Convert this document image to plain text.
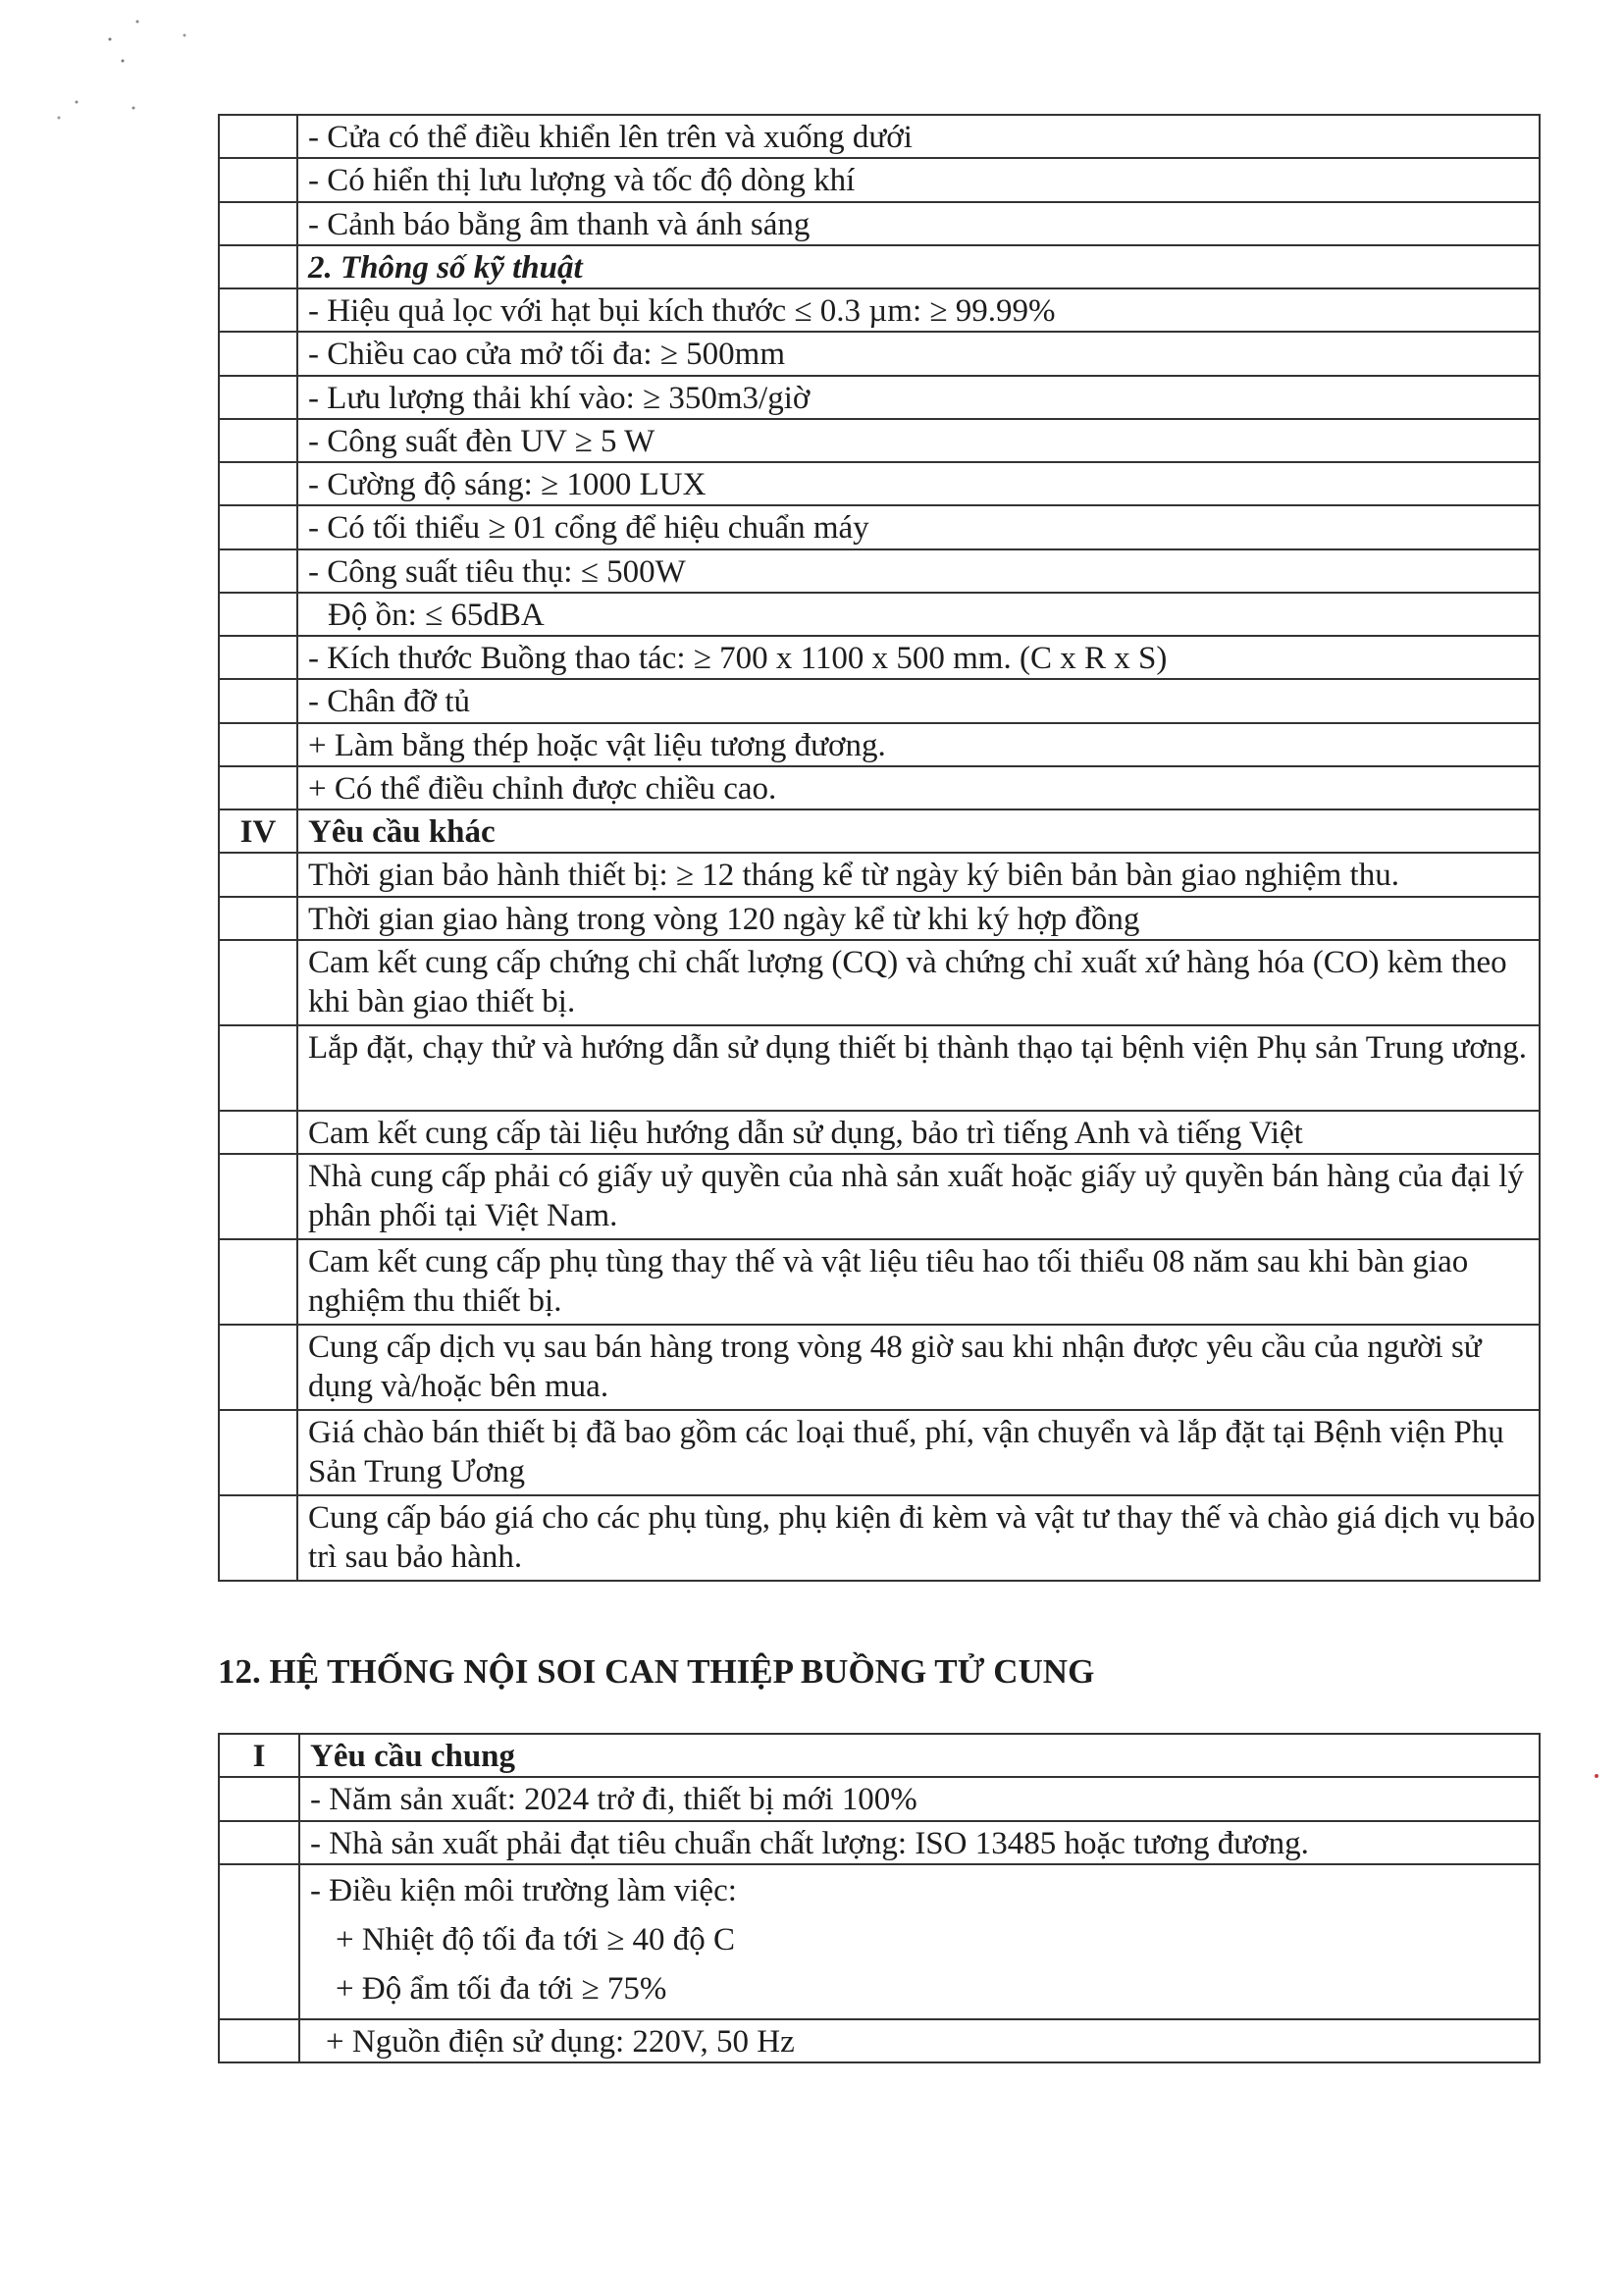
	- Cửa có thể điều khiển lên trên và xuống dưới
	- Có hiển thị lưu lượng và tốc độ dòng khí
	- Cảnh báo bằng âm thanh và ánh sáng
	2. Thông số kỹ thuật
	- Hiệu quả lọc với hạt bụi kích thước ≤ 0.3 µm: ≥ 99.99%
	- Chiều cao cửa mở tối đa: ≥ 500mm
	- Lưu lượng thải khí vào: ≥ 350m3/giờ
	- Công suất đèn UV ≥ 5 W
	- Cường độ sáng: ≥ 1000 LUX
	- Có tối thiểu ≥ 01 cổng để hiệu chuẩn máy
	- Công suất tiêu thụ: ≤ 500W
	Độ ồn: ≤ 65dBA
	- Kích thước Buồng thao tác: ≥ 700 x 1100 x 500 mm. (C x R x S)
	- Chân đỡ tủ
	+ Làm bằng thép hoặc vật liệu tương đương.
	+ Có thể điều chỉnh được chiều cao.
IV	Yêu cầu khác
	Thời gian bảo hành thiết bị: ≥ 12 tháng kể từ ngày ký biên bản bàn giao nghiệm thu.
	Thời gian giao hàng trong vòng 120 ngày kể từ khi ký hợp đồng
	Cam kết cung cấp chứng chỉ chất lượng (CQ) và chứng chỉ xuất xứ hàng hóa (CO) kèm theo khi bàn giao thiết bị.
	Lắp đặt, chạy thử và hướng dẫn sử dụng thiết bị thành thạo tại bệnh viện Phụ sản Trung ương.
	Cam kết cung cấp tài liệu hướng dẫn sử dụng, bảo trì tiếng Anh và tiếng Việt
	Nhà cung cấp phải có giấy uỷ quyền của nhà sản xuất hoặc giấy uỷ quyền bán hàng của đại lý phân phối tại Việt Nam.
	Cam kết cung cấp phụ tùng thay thế và vật liệu tiêu hao tối thiểu 08 năm sau khi bàn giao nghiệm thu thiết bị.
	Cung cấp dịch vụ sau bán hàng trong vòng 48 giờ sau khi nhận được yêu cầu của người sử dụng và/hoặc bên mua.
	Giá chào bán thiết bị đã bao gồm các loại thuế, phí, vận chuyển và lắp đặt tại Bệnh viện Phụ Sản Trung Ương
	Cung cấp báo giá cho các phụ tùng, phụ kiện đi kèm và vật tư thay thế và chào giá dịch vụ bảo trì sau bảo hành.
12. HỆ THỐNG NỘI SOI CAN THIỆP BUỒNG TỬ CUNG
I	Yêu cầu chung
	- Năm sản xuất: 2024 trở đi, thiết bị mới 100%
	- Nhà sản xuất phải đạt tiêu chuẩn chất lượng: ISO 13485 hoặc tương đương.

	- Điều kiện môi trường làm việc:
+ Nhiệt độ tối đa tới ≥ 40 độ C
+ Độ ẩm tối đa tới ≥ 75%

	+ Nguồn điện sử dụng: 220V, 50 Hz
